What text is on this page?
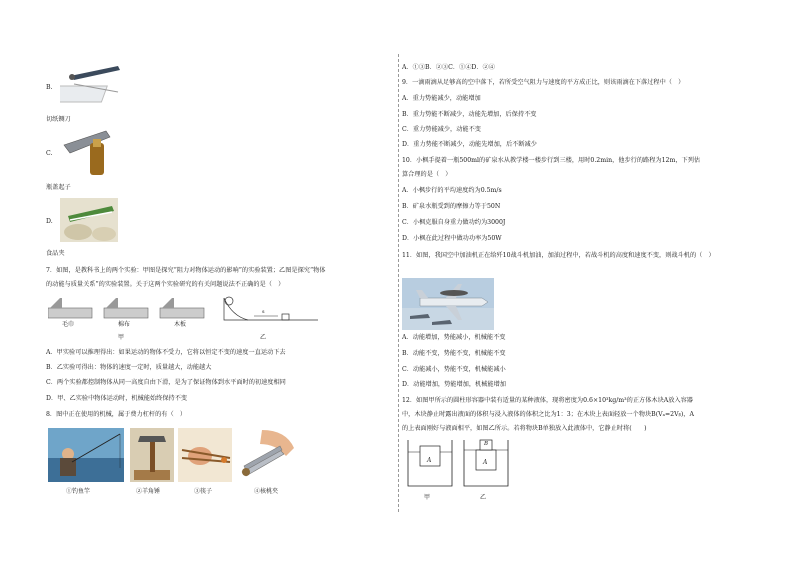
B.
切纸铡刀
C.
瓶盖起子
D.
食品夹
7．如图，是教科书上的两个实验：甲图是探究“阻力对物体运动的影响”的实验装置；乙图是探究“物体
的动能与质量关系”的实验装置。关于这两个实验研究的有关问题说法不正确的是（　）
毛巾	棉布	木板
甲	乙
s
A．甲实验可以推理得出：如果运动的物体不受力，它将以恒定不变的速度一直运动下去
B．乙实验可得出：物体的速度一定时，质量越大，动能越大
C．两个实验都控制物体从同一高度自由下滑，是为了保证物体到水平面时的初速度相同
D．甲、乙实验中物体运动时，机械能始终保持不变
8．图中正在使用的机械，属于费力杠杆的有（　）
①钓鱼竿	②羊角锤	③筷子	④核桃夹
A．①③B．②③C．①④D．②④
9．一滴雨滴从足够高的空中落下，若所受空气阻力与速度的平方成正比，则该雨滴在下落过程中（　）
A．重力势能减少，动能增加
B．重力势能不断减少，动能先增加，后保持不变
C．重力势能减少，动能不变
D．重力势能不断减少，动能先增加，后不断减少
10．小枫手提着一瓶500ml的矿泉水从教学楼一楼步行到三楼，用时0.2min，他步行的路程为12m，下列估
算合理的是（　）
A．小枫步行的平均速度约为0.5m/s
B．矿泉水瓶受到的摩擦力等于50N
C．小枫克服自身重力做功约为3000J
D．小枫在此过程中做功功率为50W
11．如图，我国空中加油机正在给歼10战斗机加油，加油过程中，若战斗机的高度和速度不变，则战斗机的（　）
A．动能增加，势能减小，机械能不变
B．动能不变，势能不变，机械能不变
C．动能减小，势能不变，机械能减小
D．动能增加，势能增加，机械能增加
12．如图甲所示的圆柱形容器中装有适量的某种液体，现将密度为0.6×10³kg/m³的正方体木块A放入容器
中，木块静止时露出液面的体积与浸入液体的体积之比为1：3；在木块上表面轻放一个物块B(Vₐ=2Vᵦ)，A
的上表面刚好与液面相平，如图乙所示。若将物块B单独放入此液体中，它静止时将(　　)
A	A
B
甲	乙
